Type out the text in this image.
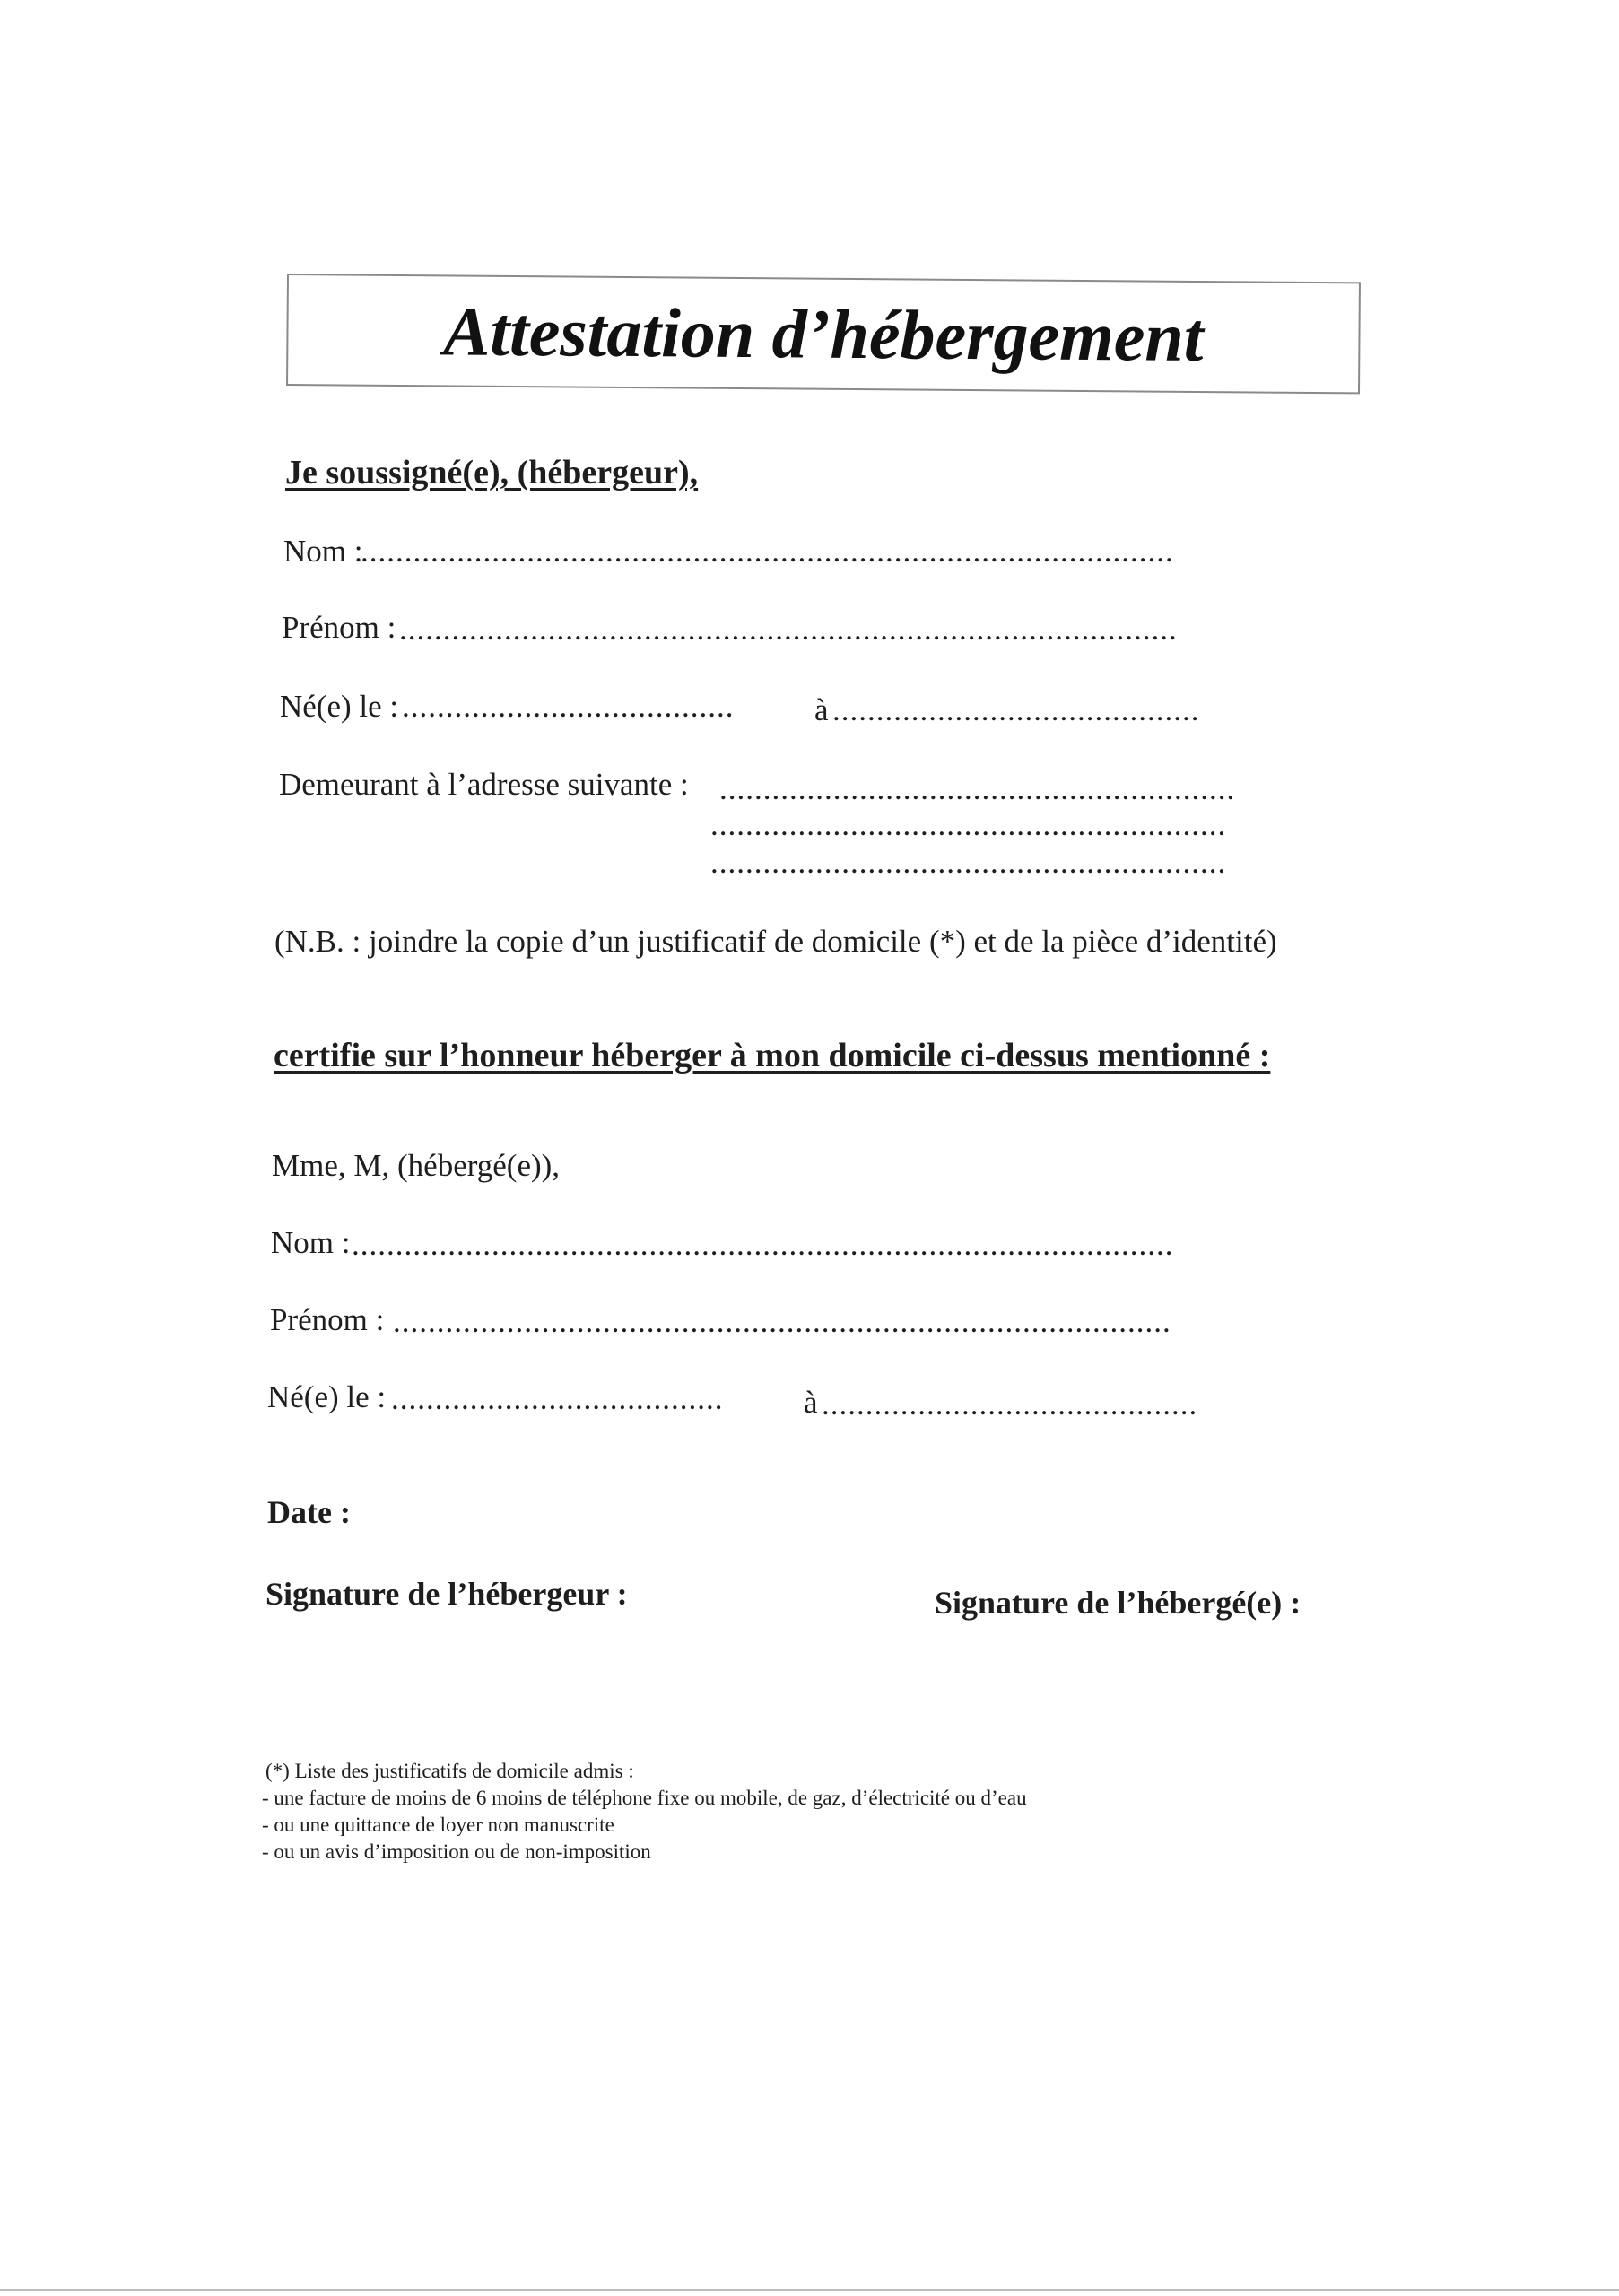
Attestation d’hébergement
Je soussigné(e), (hébergeur),
Nom :
.............................................................................................
Prénom : .........................................................................................
Né(e) le : ......................................	à ..........................................
Demeurant à l’adresse suivante : ...........................................................
...........................................................
...........................................................
(N.B. : joindre la copie d’un justificatif de domicile (*) et de la pièce d’identité)
certifie sur l’honneur héberger à mon domicile ci-dessus mentionné :
Mme, M, (hébergé(e)),
Nom : ..............................................................................................
Prénom : .........................................................................................
Né(e) le : ......................................	à ...........................................
Date :
Signature de l’hébergeur :	Signature de l’hébergé(e) :
(*) Liste des justificatifs de domicile admis :
- une facture de moins de 6 moins de téléphone fixe ou mobile, de gaz, d’électricité ou d’eau
- ou une quittance de loyer non manuscrite
- ou un avis d’imposition ou de non-imposition
